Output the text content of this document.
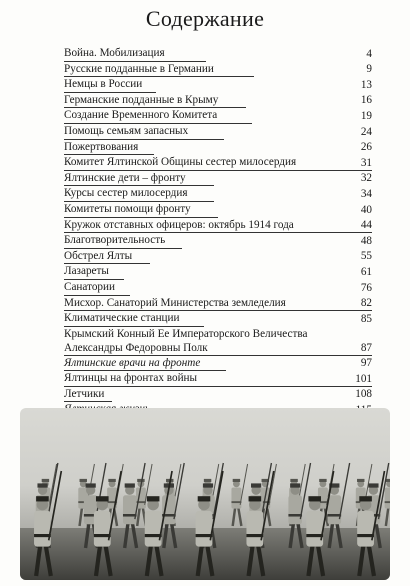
Содержание
Война. Мобилизация	4
Русские подданные в Германии	9
Немцы в России	13
Германские подданные в Крыму	16
Создание Временного Комитета	19
Помощь семьям запасных	24
Пожертвования	26
Комитет Ялтинской Общины сестер милосердия	31
Ялтинские дети – фронту	32
Курсы сестер милосердия	34
Комитеты помощи фронту	40
Кружок отставных офицеров: октябрь 1914 года	44
Благотворительность	48
Обстрел Ялты	55
Лазареты	61
Санатории	76
Мисхор. Санаторий Министерства земледелия	82
Климатические станции	85
Крымский Конный Ее Императорского Величества Александры Федоровны Полк	87
Ялтинские врачи на фронте	97
Ялтинцы на фронтах войны	101
Летчики	108
